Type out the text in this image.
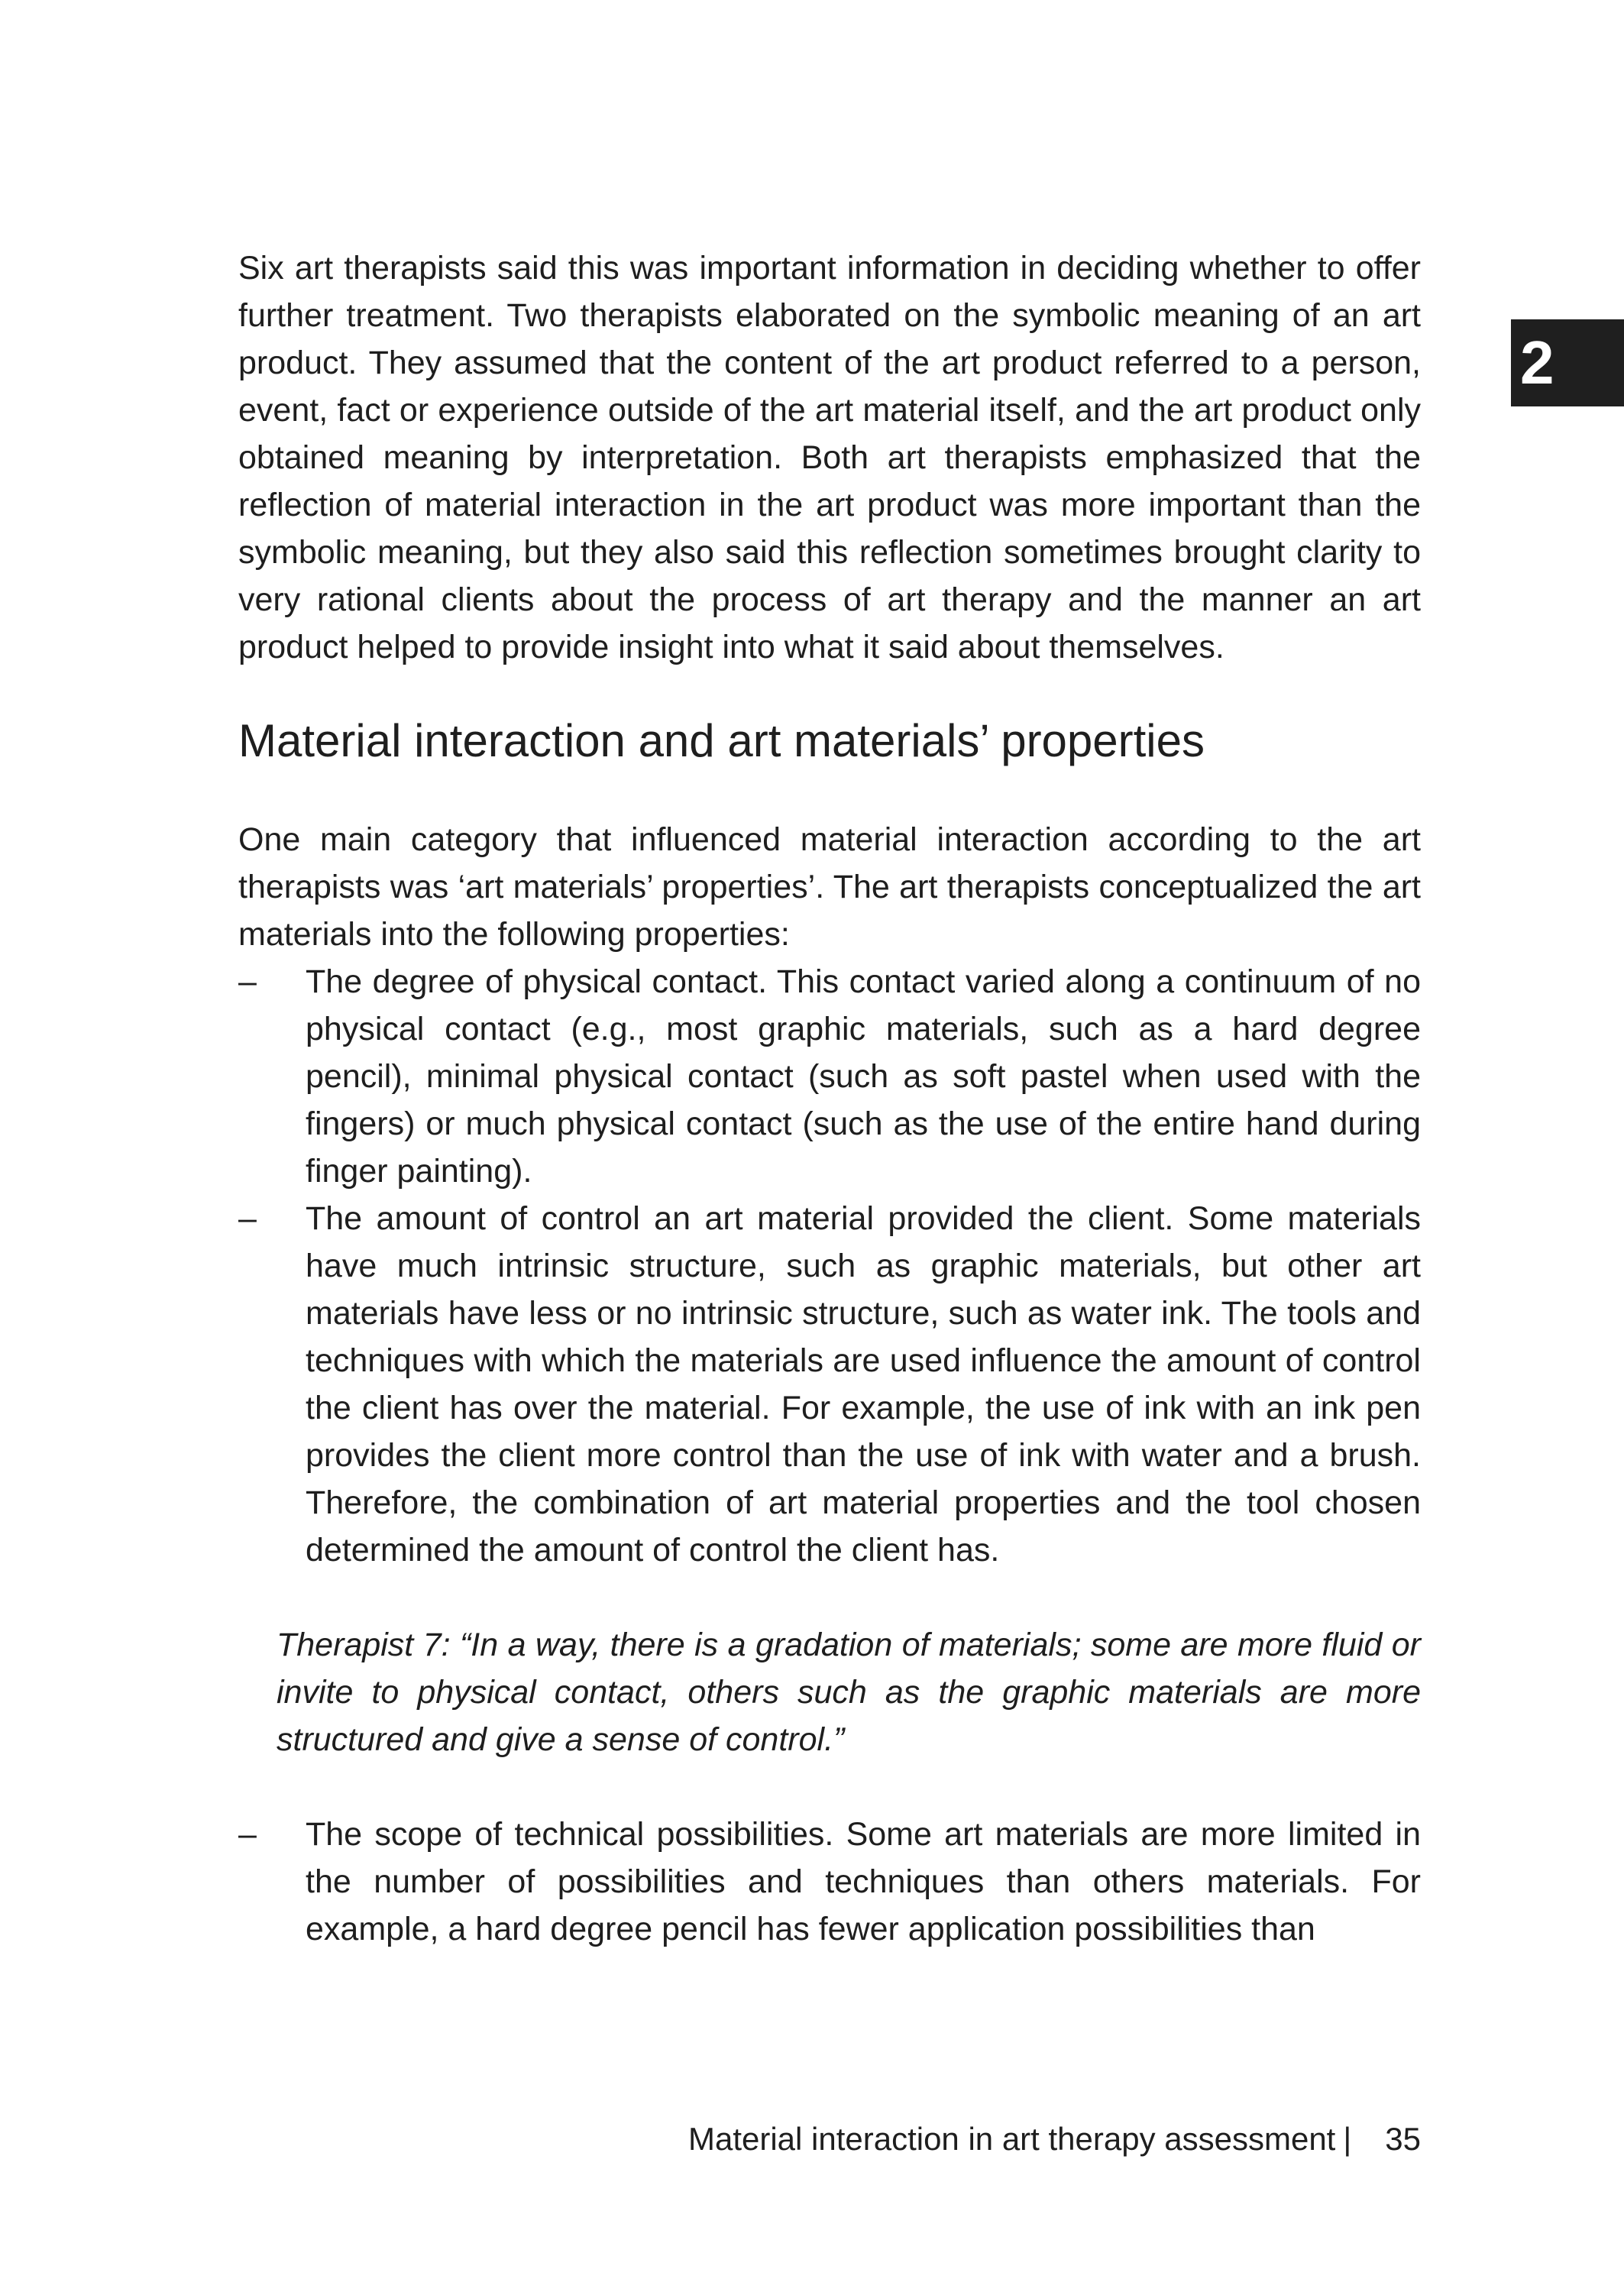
2

Six art therapists said this was important information in deciding whether to offer further treatment. Two therapists elaborated on the symbolic meaning of an art product. They assumed that the content of the art product referred to a person, event, fact or experience outside of the art material itself, and the art product only obtained meaning by interpretation. Both art therapists emphasized that the reflection of material interaction in the art product was more important than the symbolic meaning, but they also said this reflection sometimes brought clarity to very rational clients about the process of art therapy and the manner an art product helped to provide insight into what it said about themselves.

Material interaction and art materials’ properties

One main category that influenced material interaction according to the art therapists was ‘art materials’ properties’. The art therapists conceptualized the art materials into the following properties:

–	The degree of physical contact. This contact varied along a continuum of no physical contact (e.g., most graphic materials, such as a hard degree pencil), minimal physical contact (such as soft pastel when used with the fingers) or much physical contact (such as the use of the entire hand during finger painting).
–	The amount of control an art material provided the client. Some materials have much intrinsic structure, such as graphic materials, but other art materials have less or no intrinsic structure, such as water ink. The tools and techniques with which the materials are used influence the amount of control the client has over the material. For example, the use of ink with an ink pen provides the client more control than the use of ink with water and a brush. Therefore, the combination of art material properties and the tool chosen determined the amount of control the client has.

Therapist 7: “In a way, there is a gradation of materials; some are more fluid or invite to physical contact, others such as the graphic materials are more structured and give a sense of control.”

–	The scope of technical possibilities. Some art materials are more limited in the number of possibilities and techniques than others materials. For example, a hard degree pencil has fewer application possibilities than
Material interaction in art therapy assessment | 35
